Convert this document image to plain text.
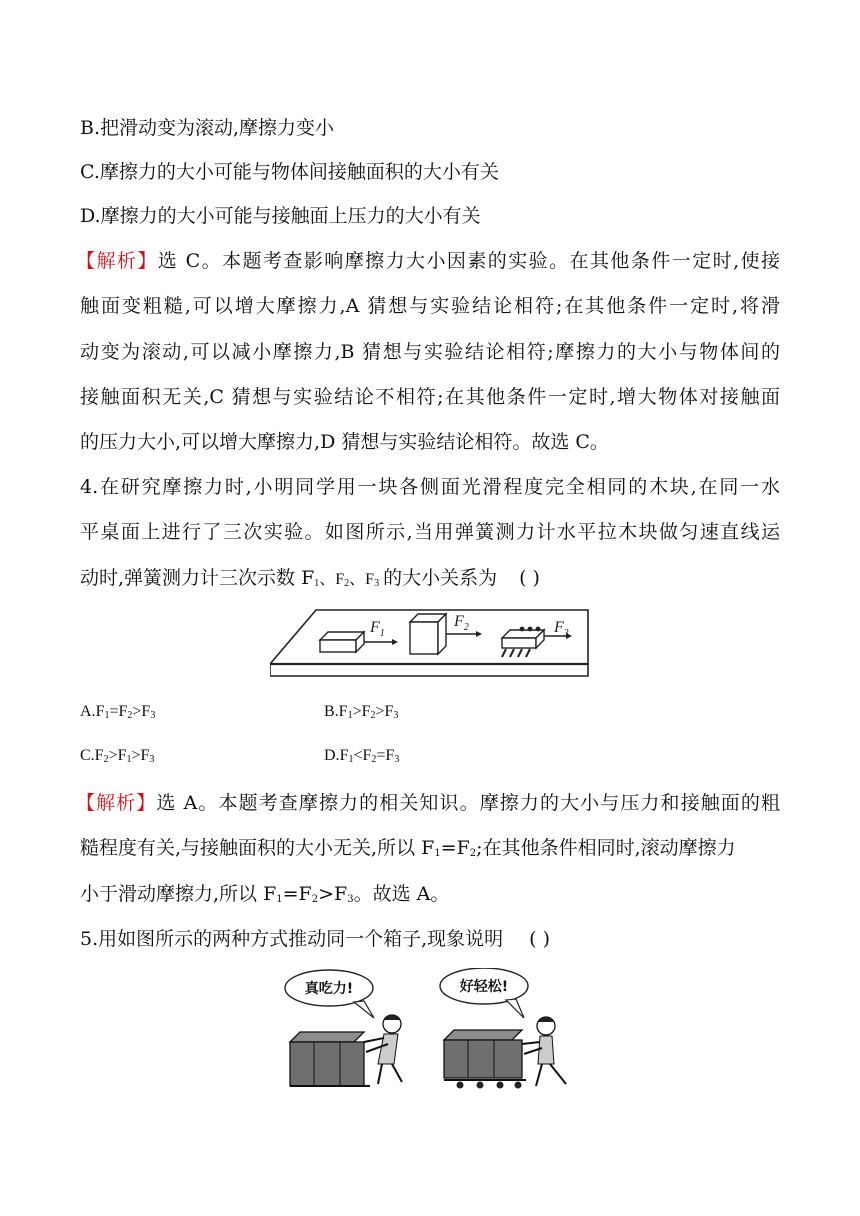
B.把滑动变为滚动,摩擦力变小
C.摩擦力的大小可能与物体间接触面积的大小有关
D.摩擦力的大小可能与接触面上压力的大小有关
【解析】选 C。本题考查影响摩擦力大小因素的实验。在其他条件一定时,使接
触面变粗糙,可以增大摩擦力,A 猜想与实验结论相符;在其他条件一定时,将滑
动变为滚动,可以减小摩擦力,B 猜想与实验结论相符;摩擦力的大小与物体间的
接触面积无关,C 猜想与实验结论不相符;在其他条件一定时,增大物体对接触面
的压力大小,可以增大摩擦力,D 猜想与实验结论相符。故选 C。
4.在研究摩擦力时,小明同学用一块各侧面光滑程度完全相同的木块,在同一水
平桌面上进行了三次实验。如图所示,当用弹簧测力计水平拉木块做匀速直线运
动时,弹簧测力计三次示数 $F_1$、$F_2$、$F_3$ 的大小关系为 ( )
$F_1$
$F_2$	$F_3$
$A.F_1=F_2>F_3$	$B.F_1>F_2>F_3$
$C.F_2>F_1>F_3$	$D.F_1<F_2=F_3$
【解析】选 A。本题考查摩擦力的相关知识。摩擦力的大小与压力和接触面的粗
糙程度有关,与接触面积的大小无关,所以 $F_1=F_2$;在其他条件相同时,滚动摩擦力
小于滑动摩擦力,所以 $F_1=F_2>F_3$。故选 A。
5.用如图所示的两种方式推动同一个箱子,现象说明 ( )
真吃力!	好轻松!
